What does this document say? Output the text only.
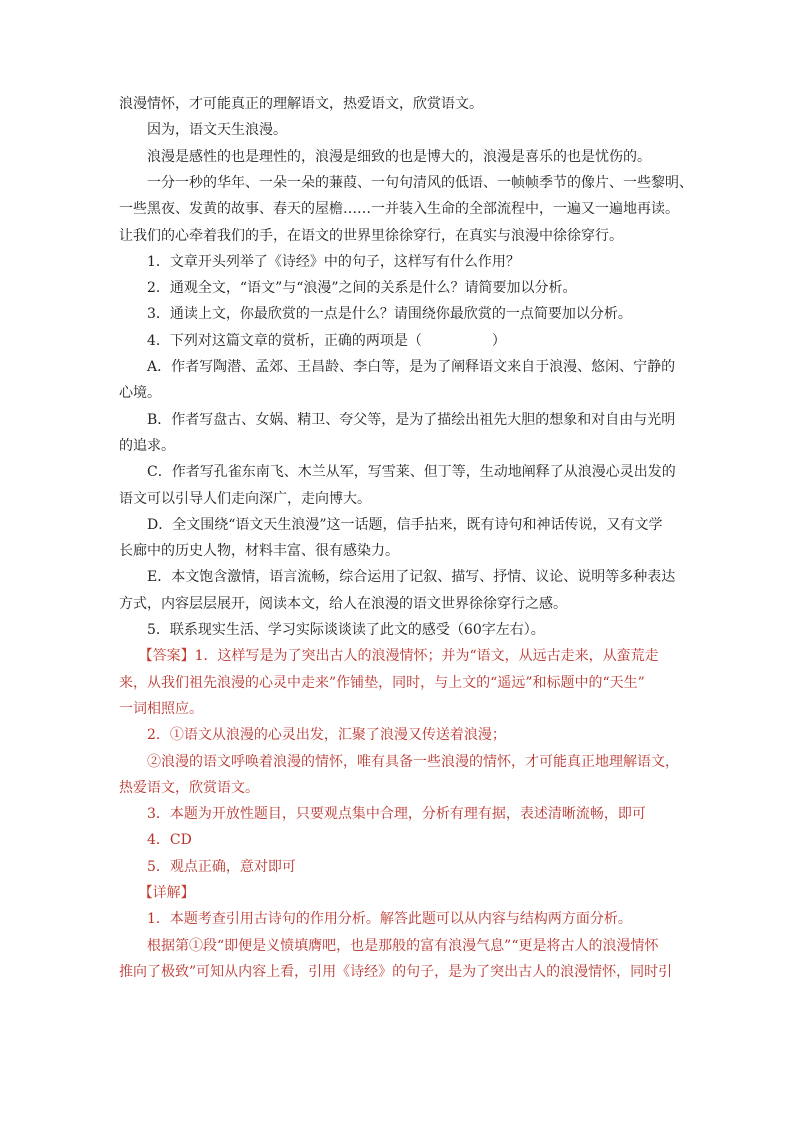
浪漫情怀，才可能真正的理解语文，热爱语文，欣赏语文。
因为，语文天生浪漫。
浪漫是感性的也是理性的，浪漫是细致的也是博大的，浪漫是喜乐的也是忧伤的。
一分一秒的华年、一朵一朵的蒹葭、一句句清风的低语、一帧帧季节的像片、一些黎明、
一些黑夜、发黄的故事、春天的屋檐……一并装入生命的全部流程中，一遍又一遍地再读。
让我们的心牵着我们的手，在语文的世界里徐徐穿行，在真实与浪漫中徐徐穿行。
1．文章开头列举了《诗经》中的句子，这样写有什么作用？
2．通观全文，“语文”与“浪漫”之间的关系是什么？请简要加以分析。
3．通读上文，你最欣赏的一点是什么？请围绕你最欣赏的一点简要加以分析。
4．下列对这篇文章的赏析，正确的两项是（　　　　　）
A．作者写陶潜、孟郊、王昌龄、李白等，是为了阐释语文来自于浪漫、悠闲、宁静的
心境。
B．作者写盘古、女娲、精卫、夸父等，是为了描绘出祖先大胆的想象和对自由与光明
的追求。
C．作者写孔雀东南飞、木兰从军，写雪莱、但丁等，生动地阐释了从浪漫心灵出发的
语文可以引导人们走向深广，走向博大。
D．全文围绕“语文天生浪漫”这一话题，信手拈来，既有诗句和神话传说，又有文学
长廊中的历史人物，材料丰富、很有感染力。
E．本文饱含激情，语言流畅，综合运用了记叙、描写、抒情、议论、说明等多种表达
方式，内容层层展开，阅读本文，给人在浪漫的语文世界徐徐穿行之感。
5．联系现实生活、学习实际谈谈读了此文的感受（60字左右）。
【答案】1．这样写是为了突出古人的浪漫情怀；并为“语文，从远古走来，从蛮荒走
来，从我们祖先浪漫的心灵中走来”作铺垫，同时，与上文的“遥远”和标题中的“天生”
一词相照应。
2．①语文从浪漫的心灵出发，汇聚了浪漫又传送着浪漫；
②浪漫的语文呼唤着浪漫的情怀，唯有具备一些浪漫的情怀，才可能真正地理解语文，
热爱语文，欣赏语文。
3．本题为开放性题目，只要观点集中合理，分析有理有据，表述清晰流畅，即可
4．CD
5．观点正确，意对即可
【详解】
1．本题考查引用古诗句的作用分析。解答此题可以从内容与结构两方面分析。
根据第①段“即便是义愤填膺吧，也是那般的富有浪漫气息”“更是将古人的浪漫情怀
推向了极致”可知从内容上看，引用《诗经》的句子，是为了突出古人的浪漫情怀，同时引
